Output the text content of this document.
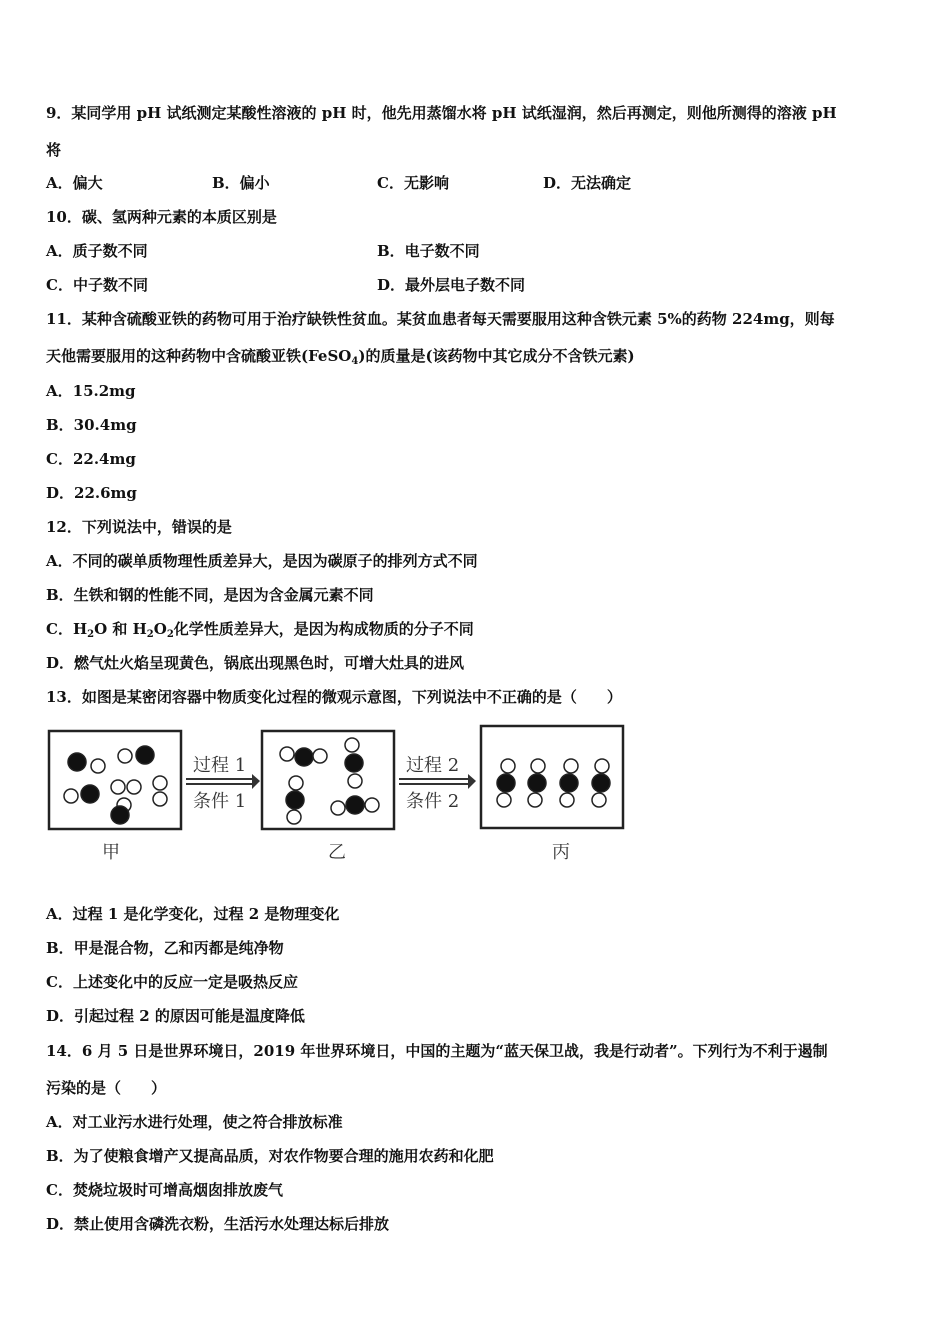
9．某同学用 pH 试纸测定某酸性溶液的 pH 时，他先用蒸馏水将 pH 试纸湿润，然后再测定，则他所测得的溶液 pH
将
A．偏大	B．偏小	C．无影响	D．无法确定
10．碳、氢两种元素的本质区别是
A．质子数不同	B．电子数不同
C．中子数不同	D．最外层电子数不同
11．某种含硫酸亚铁的药物可用于治疗缺铁性贫血。某贫血患者每天需要服用这种含铁元素 5%的药物 224mg，则每
天他需要服用的这种药物中含硫酸亚铁(FeSO$_4$)的质量是(该药物中其它成分不含铁元素)
A．15.2mg
B．30.4mg
C．22.4mg
D．22.6mg
12．下列说法中，错误的是
A．不同的碳单质物理性质差异大，是因为碳原子的排列方式不同
B．生铁和钢的性能不同，是因为含金属元素不同
C．$H_2O$ 和 $H_2O_2$化学性质差异大，是因为构成物质的分子不同
D．燃气灶火焰呈现黄色，锅底出现黑色时，可增大灶具的进风
13．如图是某密闭容器中物质变化过程的微观示意图，下列说法中不正确的是（　　）
过程 1
条件 1
过程 2
条件 2
甲	乙	丙
A．过程 1 是化学变化，过程 2 是物理变化
B．甲是混合物，乙和丙都是纯净物
C．上述变化中的反应一定是吸热反应
D．引起过程 2 的原因可能是温度降低
14．6 月 5 日是世界环境日，2019 年世界环境日，中国的主题为“蓝天保卫战，我是行动者”。下列行为不利于遏制
污染的是（　　）
A．对工业污水进行处理，使之符合排放标准
B．为了使粮食增产又提高品质，对农作物要合理的施用农药和化肥
C．焚烧垃圾时可增高烟囱排放废气
D．禁止使用含磷洗衣粉，生活污水处理达标后排放
